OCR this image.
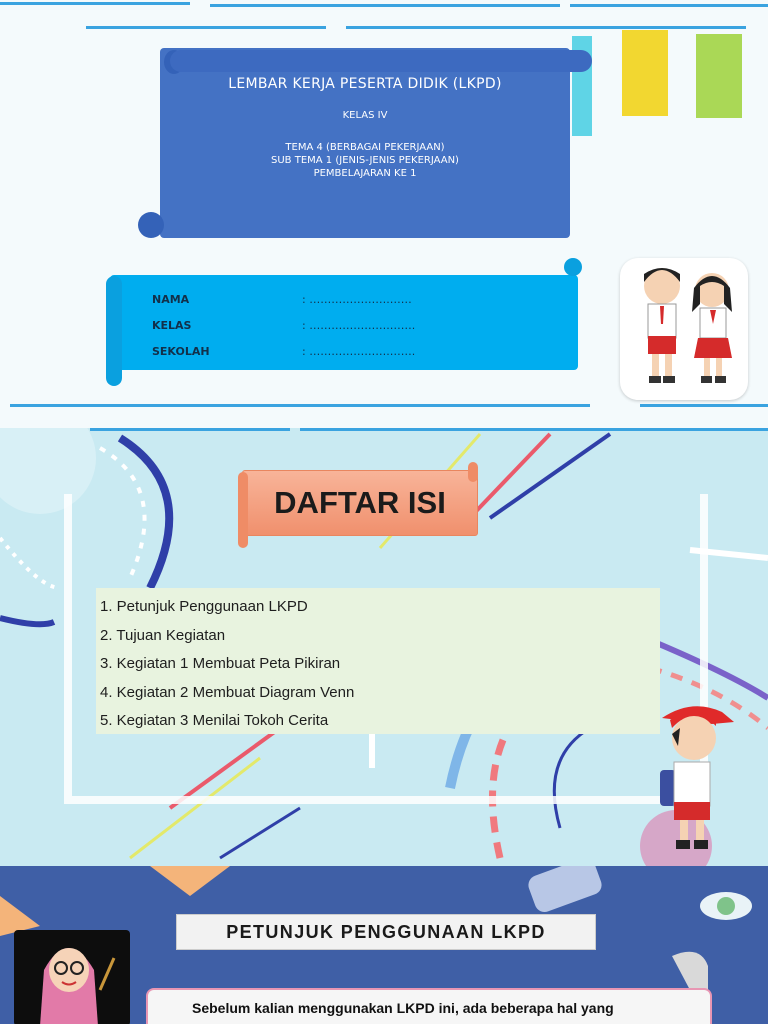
LEMBAR KERJA PESERTA DIDIK (LKPD)
KELAS IV
TEMA 4 (BERBAGAI PEKERJAAN)
SUB TEMA 1 (JENIS-JENIS PEKERJAAN)
PEMBELAJARAN KE 1
NAMA	: ………………….……
KELAS	: ………………….…….
SEKOLAH	: ………………….…….
DAFTAR ISI
1. Petunjuk Penggunaan LKPD
2. Tujuan Kegiatan
3. Kegiatan 1 Membuat Peta Pikiran
4. Kegiatan 2 Membuat Diagram Venn
5. Kegiatan 3 Menilai Tokoh Cerita
PETUNJUK PENGGUNAAN LKPD
Sebelum kalian menggunakan LKPD ini, ada beberapa hal yang
